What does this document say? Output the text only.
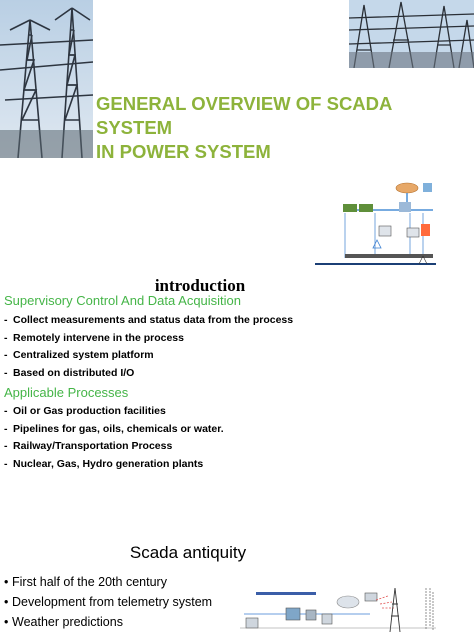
GENERAL OVERVIEW OF SCADA SYSTEM
IN POWER SYSTEM
introduction
Supervisory Control And Data Acquisition
- Collect measurements and status data from the process
- Remotely intervene in the process
- Centralized system platform
- Based on distributed I/O
Applicable Processes
- Oil or Gas production facilities
- Pipelines for gas, oils, chemicals or water.
- Railway/Transportation Process
- Nuclear, Gas, Hydro generation plants
Scada antiquity
• First half of the 20th century
• Development from telemetry system
• Weather predictions
